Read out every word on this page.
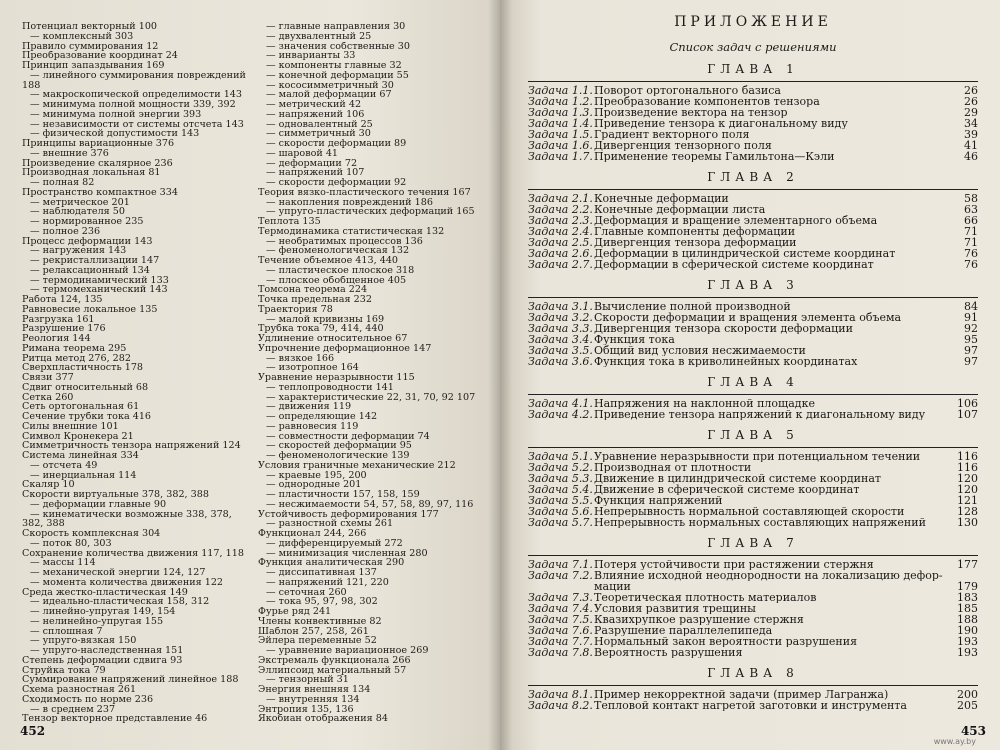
Потенциал векторный 100
— комплексный 303
Правило суммирования 12
Преобразование координат 24
Принцип запаздывания 169
— линейного суммирования повреждений
188
— макроскопической определимости 143
— минимума полной мощности 339, 392
— минимума полной энергии 393
— независимости от системы отсчета 143
— физической допустимости 143
Принципы вариационные 376
— внешние 376
Произведение скалярное 236
Производная локальная 81
— полная 82
Пространство компактное 334
— метрическое 201
— наблюдателя 50
— нормированное 235
— полное 236
Процесс деформации 143
— нагружения 143
— рекристаллизации 147
— релаксационный 134
— термодинамический 133
— термомеханический 143
Работа 124, 135
Равновесие локальное 135
Разгрузка 161
Разрушение 176
Реология 144
Римана теорема 295
Ритца метод 276, 282
Сверхпластичность 178
Связи 377
Сдвиг относительный 68
Сетка 260
Сеть ортогональная 61
Сечение трубки тока 416
Силы внешние 101
Символ Кронекера 21
Симметричность тензора напряжений 124
Система линейная 334
— отсчета 49
— инерциальная 114
Скаляр 10
Скорости виртуальные 378, 382, 388
— деформации главные 90
— кинематически возможные 338, 378,
382, 388
Скорость комплексная 304
— поток 80, 303
Сохранение количества движения 117, 118
— массы 114
— механической энергии 124, 127
— момента количества движения 122
Среда жестко-пластическая 149
— идеально-пластическая 158, 312
— линейно-упругая 149, 154
— нелинейно-упругая 155
— сплошная 7
— упруго-вязкая 150
— упруго-наследственная 151
Степень деформации сдвига 93
Струйка тока 79
Суммирование напряжений линейное 188
Схема разностная 261
Сходимость по норме 236
— в среднем 237
Тензор векторное представление 46
— главные направления 30
— двухвалентный 25
— значения собственные 30
— инварианты 33
— компоненты главные 32
— конечной деформации 55
— кососимметричный 30
— малой деформации 67
— метрический 42
— напряжений 106
— одновалентный 25
— симметричный 30
— скорости деформации 89
— шаровой 41
— деформации 72
— напряжений 107
— скорости деформации 92
Теория вязко-пластического течения 167
— накопления повреждений 186
— упруго-пластических деформаций 165
Теплота 135
Термодинамика статистическая 132
— необратимых процессов 136
— феноменологическая 132
Течение объемное 413, 440
— пластическое плоское 318
— плоское обобщенное 405
Томсона теорема 224
Точка предельная 232
Траектория 78
— малой кривизны 169
Трубка тока 79, 414, 440
Удлинение относительное 67
Упрочнение деформационное 147
— вязкое 166
— изотропное 164
Уравнение неразрывности 115
— теплопроводности 141
— характеристические 22, 31, 70, 92 107
— движения 119
— определяющие 142
— равновесия 119
— совместности деформации 74
— скоростей деформации 95
— феноменологические 139
Условия граничные механические 212
— краевые 195, 200
— однородные 201
— пластичности 157, 158, 159
— несжимаемости 54, 57, 58, 89, 97, 116
Устойчивость деформирования 177
— разностной схемы 261
Функционал 244, 266
— дифференцируемый 272
— минимизация численная 280
Функция аналитическая 290
— диссипативная 137
— напряжений 121, 220
— сеточная 260
— тока 95, 97, 98, 302
Фурье ряд 241
Члены конвективные 82
Шаблон 257, 258, 261
Эйлера переменные 52
— уравнение вариационное 269
Экстремаль функционала 266
Эллипсоид материальный 57
— тензорный 31
Энергия внешняя 134
— внутренняя 134
Энтропия 135, 136
Якобиан отображения 84
452
ПРИЛОЖЕНИЕ
Список задач с решениями
ГЛАВА 1
Задача 1.1. Поворот ортогонального базиса	26
Задача 1.2. Преобразование компонентов тензора	26
Задача 1.3. Произведение вектора на тензор	29
Задача 1.4. Приведение тензора к диагональному виду	34
Задача 1.5. Градиент векторного поля	39
Задача 1.6. Дивергенция тензорного поля	41
Задача 1.7. Применение теоремы Гамильтона—Кэли	46
ГЛАВА 2
Задача 2.1. Конечные деформации	58
Задача 2.2. Конечные деформации листа	63
Задача 2.3. Деформация и вращение элементарного объема	66
Задача 2.4. Главные компоненты деформации	71
Задача 2.5. Дивергенция тензора деформации	71
Задача 2.6. Деформации в цилиндрической системе координат	76
Задача 2.7. Деформации в сферической системе координат	76
ГЛАВА 3
Задача 3.1. Вычисление полной производной	84
Задача 3.2. Скорости деформации и вращения элемента объема	91
Задача 3.3. Дивергенция тензора скорости деформации	92
Задача 3.4. Функция тока	95
Задача 3.5. Общий вид условия несжимаемости	97
Задача 3.6. Функция тока в криволинейных координатах	97
ГЛАВА 4
Задача 4.1. Напряжения на наклонной площадке	106
Задача 4.2. Приведение тензора напряжений к диагональному виду	107
ГЛАВА 5
Задача 5.1. Уравнение неразрывности при потенциальном течении	116
Задача 5.2. Производная от плотности	116
Задача 5.3. Движение в цилиндрической системе координат	120
Задача 5.4. Движение в сферической системе координат	120
Задача 5.5. Функция напряжений	121
Задача 5.6. Непрерывность нормальной составляющей скорости	128
Задача 5.7. Непрерывность нормальных составляющих напряжений	130
ГЛАВА 7
Задача 7.1. Потеря устойчивости при растяжении стержня	177
Задача 7.2. Влияние исходной неоднородности на локализацию дефор-
мации	179
Задача 7.3. Теоретическая плотность материалов	183
Задача 7.4. Условия развития трещины	185
Задача 7.5. Квазихрупкое разрушение стержня	188
Задача 7.6. Разрушение параллелепипеда	190
Задача 7.7. Нормальный закон вероятности разрушения	193
Задача 7.8. Вероятность разрушения	193
ГЛАВА 8
Задача 8.1. Пример некорректной задачи (пример Лагранжа)	200
Задача 8.2. Тепловой контакт нагретой заготовки и инструмента	205
453
www.ay.by
